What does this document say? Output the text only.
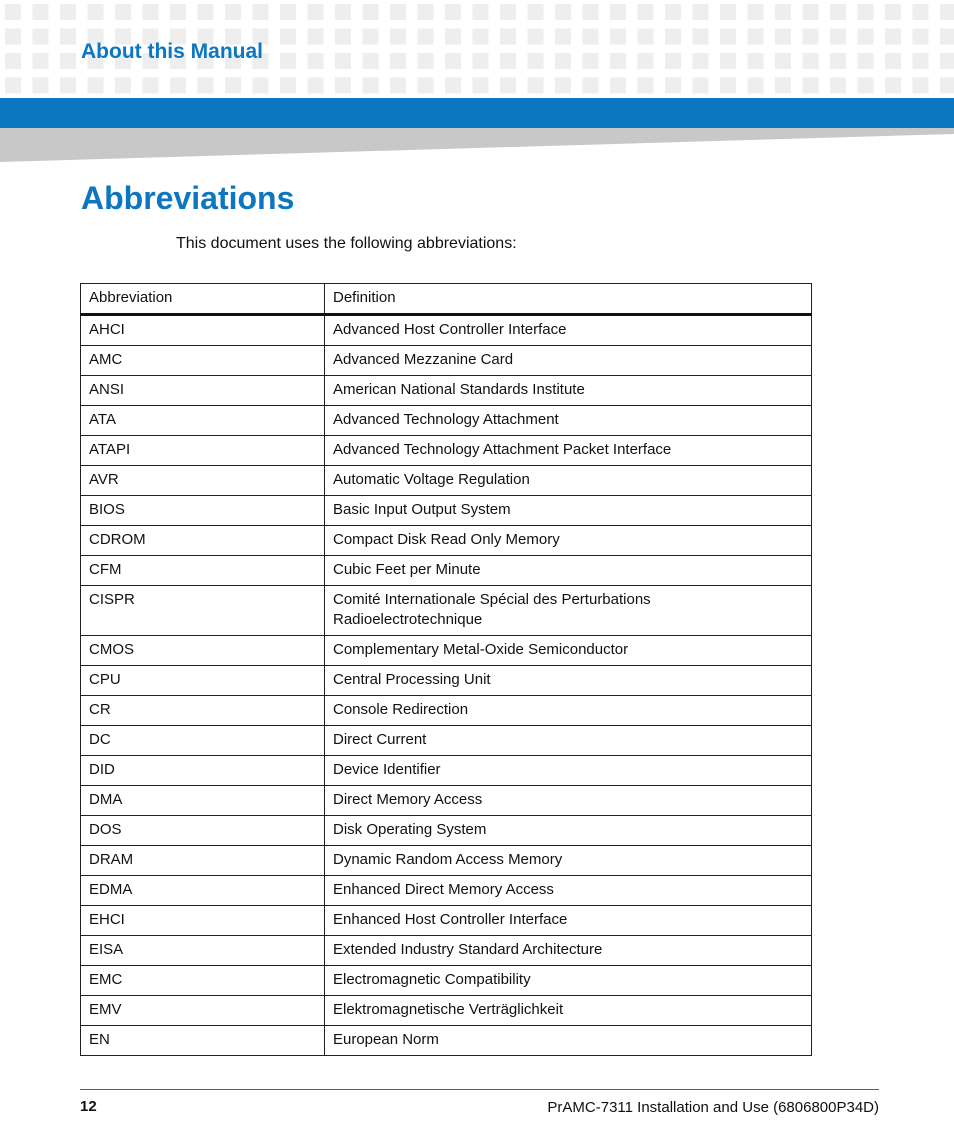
About this Manual
Abbreviations

This document uses the following abbreviations:

Abbreviation	Definition
AHCI	Advanced Host Controller Interface
AMC	Advanced Mezzanine Card
ANSI	American National Standards Institute
ATA	Advanced Technology Attachment
ATAPI	Advanced Technology Attachment Packet Interface
AVR	Automatic Voltage Regulation
BIOS	Basic Input Output System
CDROM	Compact Disk Read Only Memory
CFM	Cubic Feet per Minute
CISPR	Comité Internationale Spécial des Perturbations Radioelectrotechnique
CMOS	Complementary Metal-Oxide Semiconductor
CPU	Central Processing Unit
CR	Console Redirection
DC	Direct Current
DID	Device Identifier
DMA	Direct Memory Access
DOS	Disk Operating System
DRAM	Dynamic Random Access Memory
EDMA	Enhanced Direct Memory Access
EHCI	Enhanced Host Controller Interface
EISA	Extended Industry Standard Architecture
EMC	Electromagnetic Compatibility
EMV	Elektromagnetische Verträglichkeit
EN	European Norm
12	PrAMC-7311 Installation and Use (6806800P34D)
